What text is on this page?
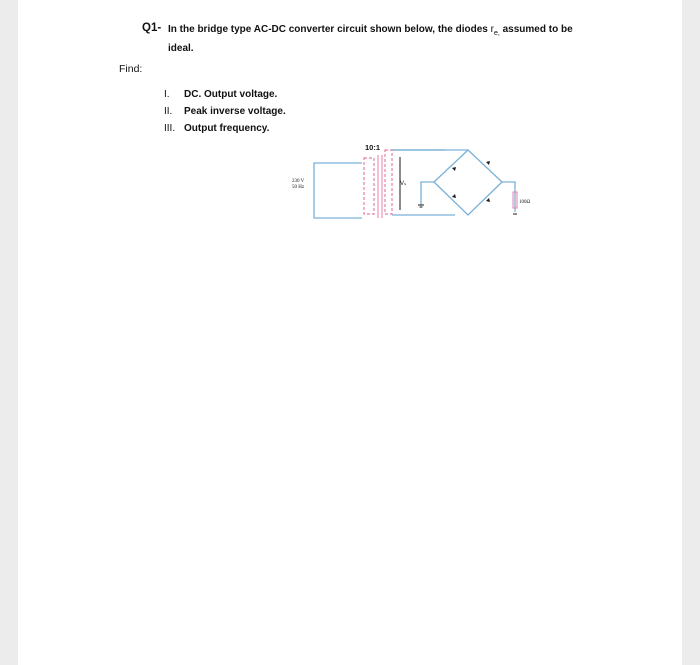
Q1- In the bridge type AC-DC converter circuit shown below, the diodes $r_{e,}$ assumed to be ideal.
Find:
I.	DC. Output voltage.
II.	Peak inverse voltage.
III. Output frequency.
Vₛ
10:1
230 V
50 Hz
100Ω
